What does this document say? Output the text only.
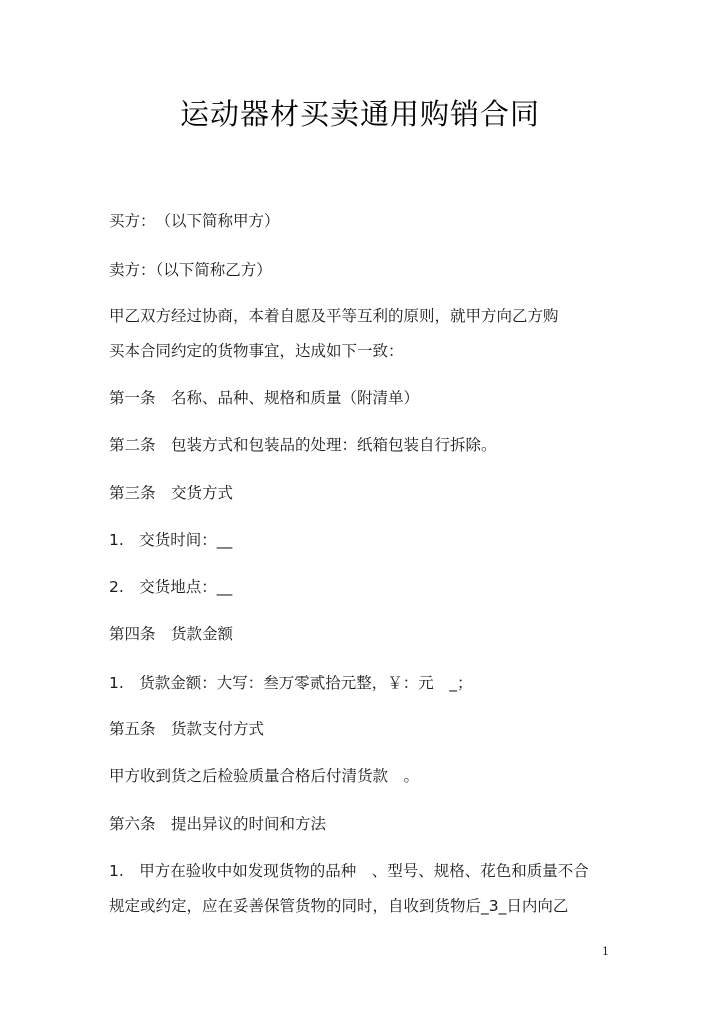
运动器材买卖通用购销合同
买方：　（以下简称甲方）
卖方：（以下简称乙方）
甲乙双方经过协商，本着自愿及平等互利的原则，就甲方向乙方购
买本合同约定的货物事宜，达成如下一致：
第一条　名称、品种、规格和质量（附清单）
第二条　包装方式和包装品的处理：纸箱包装自行拆除。
第三条　交货方式
1.　交货时间：__
2.　交货地点：__
第四条　货款金额
1.　货款金额：大写：叁万零贰拾元整，￥：元　_；
第五条　货款支付方式
甲方收到货之后检验质量合格后付清货款　。
第六条　提出异议的时间和方法
1.　甲方在验收中如发现货物的品种　、型号、规格、花色和质量不合
规定或约定，应在妥善保管货物的同时，自收到货物后_3_日内向乙
1
